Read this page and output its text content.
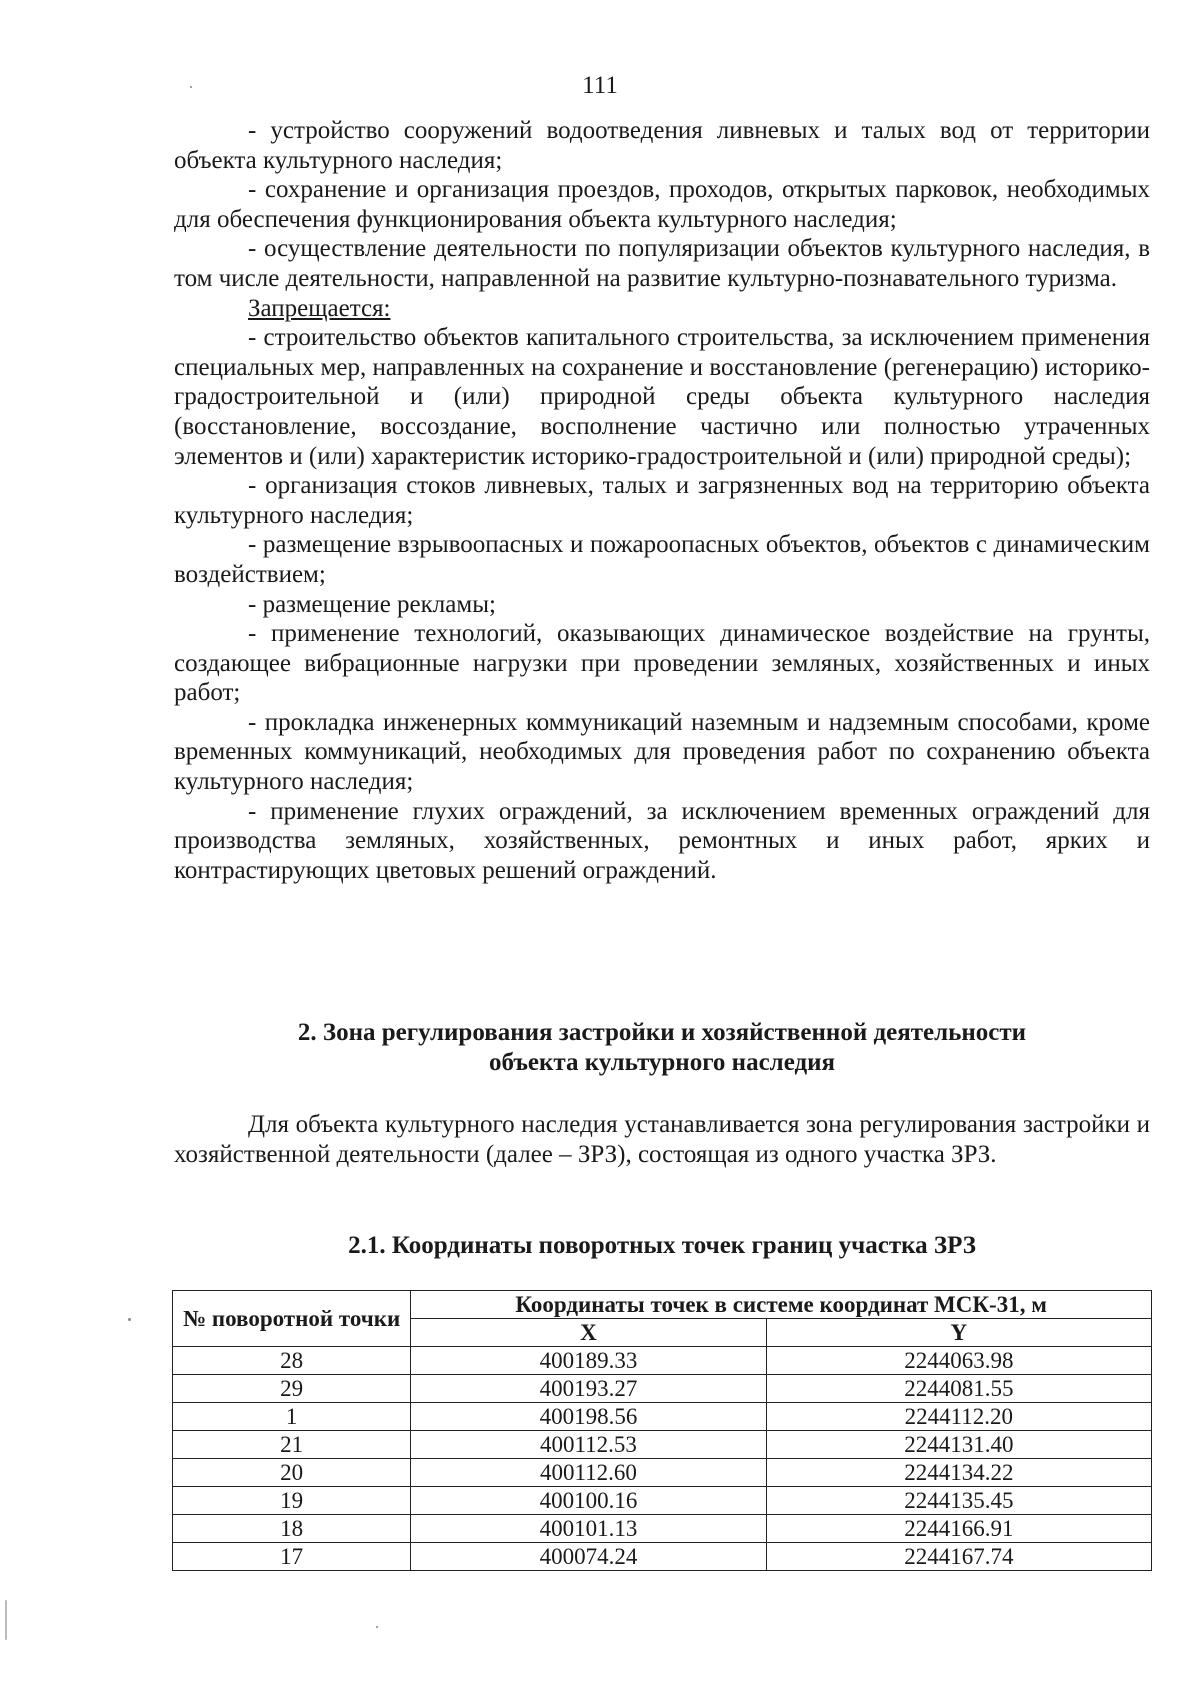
111

- устройство сооружений водоотведения ливневых и талых вод от территории объекта культурного наследия;

- сохранение и организация проездов, проходов, открытых парковок, необходимых для обеспечения функционирования объекта культурного наследия;

- осуществление деятельности по популяризации объектов культурного наследия, в том числе деятельности, направленной на развитие культурно-познавательного туризма.

Запрещается:

- строительство объектов капитального строительства, за исключением применения специальных мер, направленных на сохранение и восстановление (регенерацию) историко-градостроительной и (или) природной среды объекта культурного наследия (восстановление, воссоздание, восполнение частично или полностью утраченных элементов и (или) характеристик историко-градостроительной и (или) природной среды);

- организация стоков ливневых, талых и загрязненных вод на территорию объекта культурного наследия;

- размещение взрывоопасных и пожароопасных объектов, объектов с динамическим воздействием;

- размещение рекламы;

- применение технологий, оказывающих динамическое воздействие на грунты, создающее вибрационные нагрузки при проведении земляных, хозяйственных и иных работ;

- прокладка инженерных коммуникаций наземным и надземным способами, кроме временных коммуникаций, необходимых для проведения работ по сохранению объекта культурного наследия;

- применение глухих ограждений, за исключением временных ограждений для производства земляных, хозяйственных, ремонтных и иных работ, ярких и контрастирующих цветовых решений ограждений.

2. Зона регулирования застройки и хозяйственной деятельности
объекта культурного наследия

Для объекта культурного наследия устанавливается зона регулирования застройки и хозяйственной деятельности (далее – ЗРЗ), состоящая из одного участка ЗРЗ.

2.1. Координаты поворотных точек границ участка ЗРЗ
№ поворотной точки	Координаты точек в системе координат МСК-31, м	
	X	Y
28	400189.33	2244063.98
29	400193.27	2244081.55
1	400198.56	2244112.20
21	400112.53	2244131.40
20	400112.60	2244134.22
19	400100.16	2244135.45
18	400101.13	2244166.91
17	400074.24	2244167.74
